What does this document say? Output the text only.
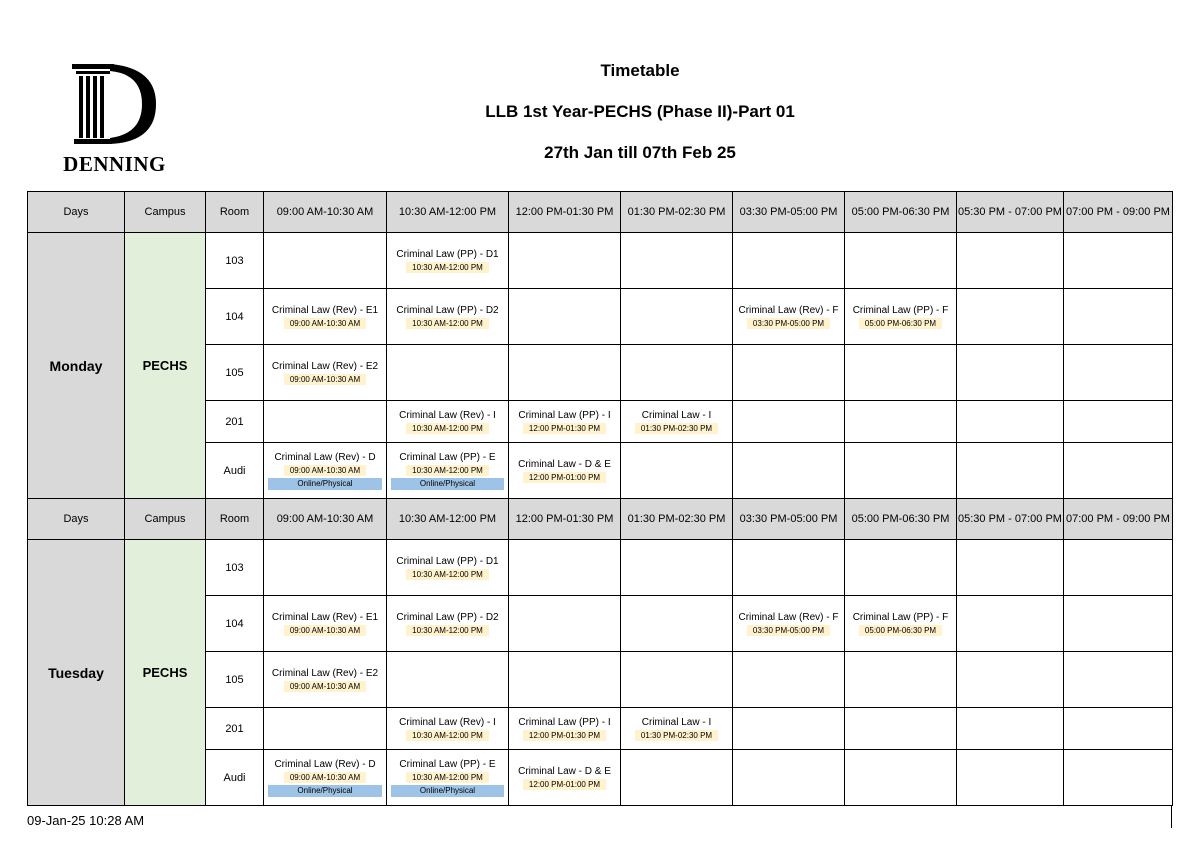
DENNING
Timetable
LLB 1st Year-PECHS (Phase II)-Part 01
27th Jan till 07th Feb 25
Days	Campus	Room	09:00 AM-10:30 AM	10:30 AM-12:00 PM	12:00 PM-01:30 PM	01:30 PM-02:30 PM	03:30 PM-05:00 PM	05:00 PM-06:30 PM	05:30 PM - 07:00 PM	07:00 PM - 09:00 PM
Monday	PECHS	103		Criminal Law (PP) - D1
10:30 AM-12:00 PM						
		104	Criminal Law (Rev) - E1
09:00 AM-10:30 AM	Criminal Law (PP) - D2
10:30 AM-12:00 PM			Criminal Law (Rev) - F
03:30 PM-05:00 PM	Criminal Law (PP) - F
05:00 PM-06:30 PM		
		105	Criminal Law (Rev) - E2
09:00 AM-10:30 AM							
		201		Criminal Law (Rev) - I
10:30 AM-12:00 PM	Criminal Law (PP) - I
12:00 PM-01:30 PM	Criminal Law - I
01:30 PM-02:30 PM				
		Audi	Criminal Law (Rev) - D
09:00 AM-10:30 AM
Online/Physical	Criminal Law (PP) - E
10:30 AM-12:00 PM
Online/Physical	Criminal Law - D & E
12:00 PM-01:00 PM					
Days	Campus	Room	09:00 AM-10:30 AM	10:30 AM-12:00 PM	12:00 PM-01:30 PM	01:30 PM-02:30 PM	03:30 PM-05:00 PM	05:00 PM-06:30 PM	05:30 PM - 07:00 PM	07:00 PM - 09:00 PM
Tuesday	PECHS	103		Criminal Law (PP) - D1
10:30 AM-12:00 PM						
		104	Criminal Law (Rev) - E1
09:00 AM-10:30 AM	Criminal Law (PP) - D2
10:30 AM-12:00 PM			Criminal Law (Rev) - F
03:30 PM-05:00 PM	Criminal Law (PP) - F
05:00 PM-06:30 PM		
		105	Criminal Law (Rev) - E2
09:00 AM-10:30 AM							
		201		Criminal Law (Rev) - I
10:30 AM-12:00 PM	Criminal Law (PP) - I
12:00 PM-01:30 PM	Criminal Law - I
01:30 PM-02:30 PM				
		Audi	Criminal Law (Rev) - D
09:00 AM-10:30 AM
Online/Physical	Criminal Law (PP) - E
10:30 AM-12:00 PM
Online/Physical	Criminal Law - D & E
12:00 PM-01:00 PM					
09-Jan-25 10:28 AM
